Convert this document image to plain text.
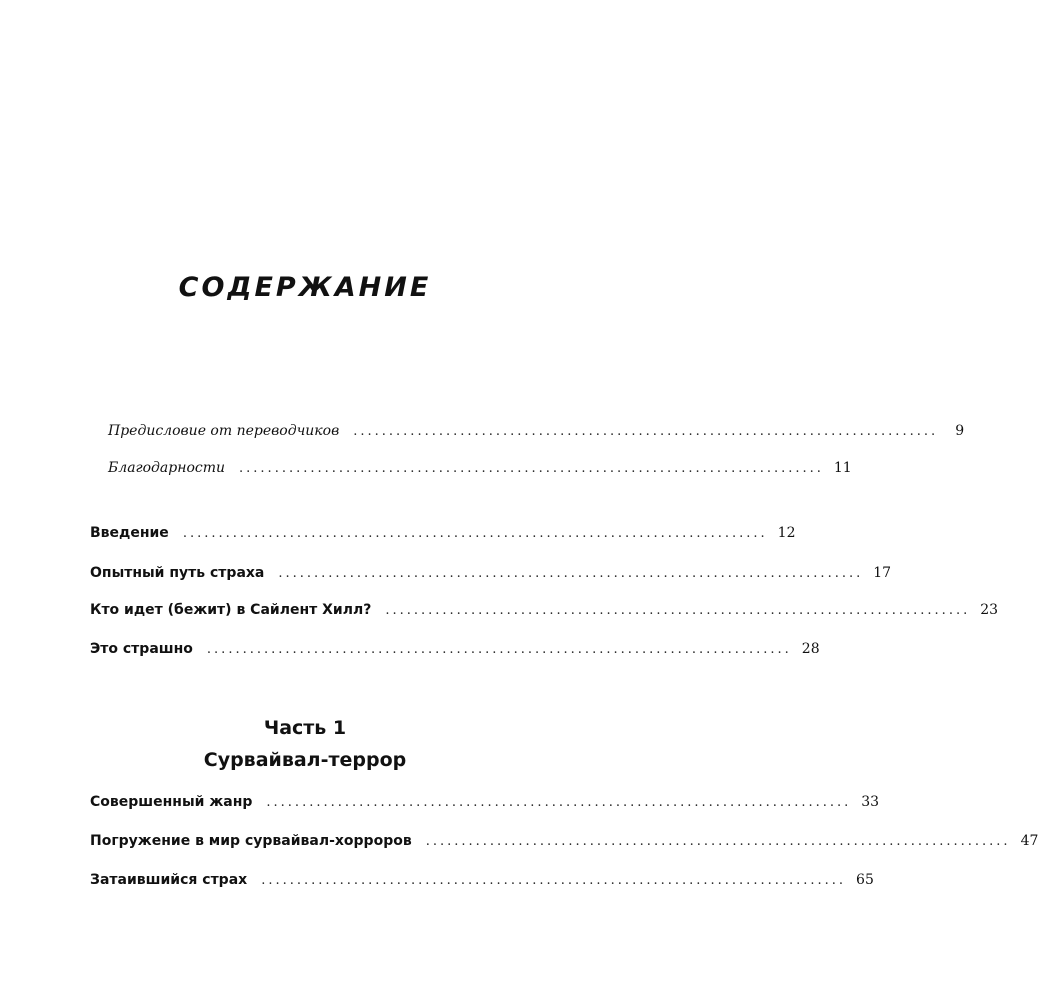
СОДЕРЖАНИЕ
Предисловие от переводчиков ..................................................................................	9
Благодарности .................................................................................. 11
Введение .................................................................................. 12
Опытный путь страха .................................................................................. 17
Кто идет (бежит) в Сайлент Хилл? .................................................................................. 23
Это страшно .................................................................................. 28
Часть 1
Сурвайвал-террор
Совершенный жанр .................................................................................. 33
Погружение в мир сурвайвал-хорроров .................................................................................. 47
Затаившийся страх .................................................................................. 65
